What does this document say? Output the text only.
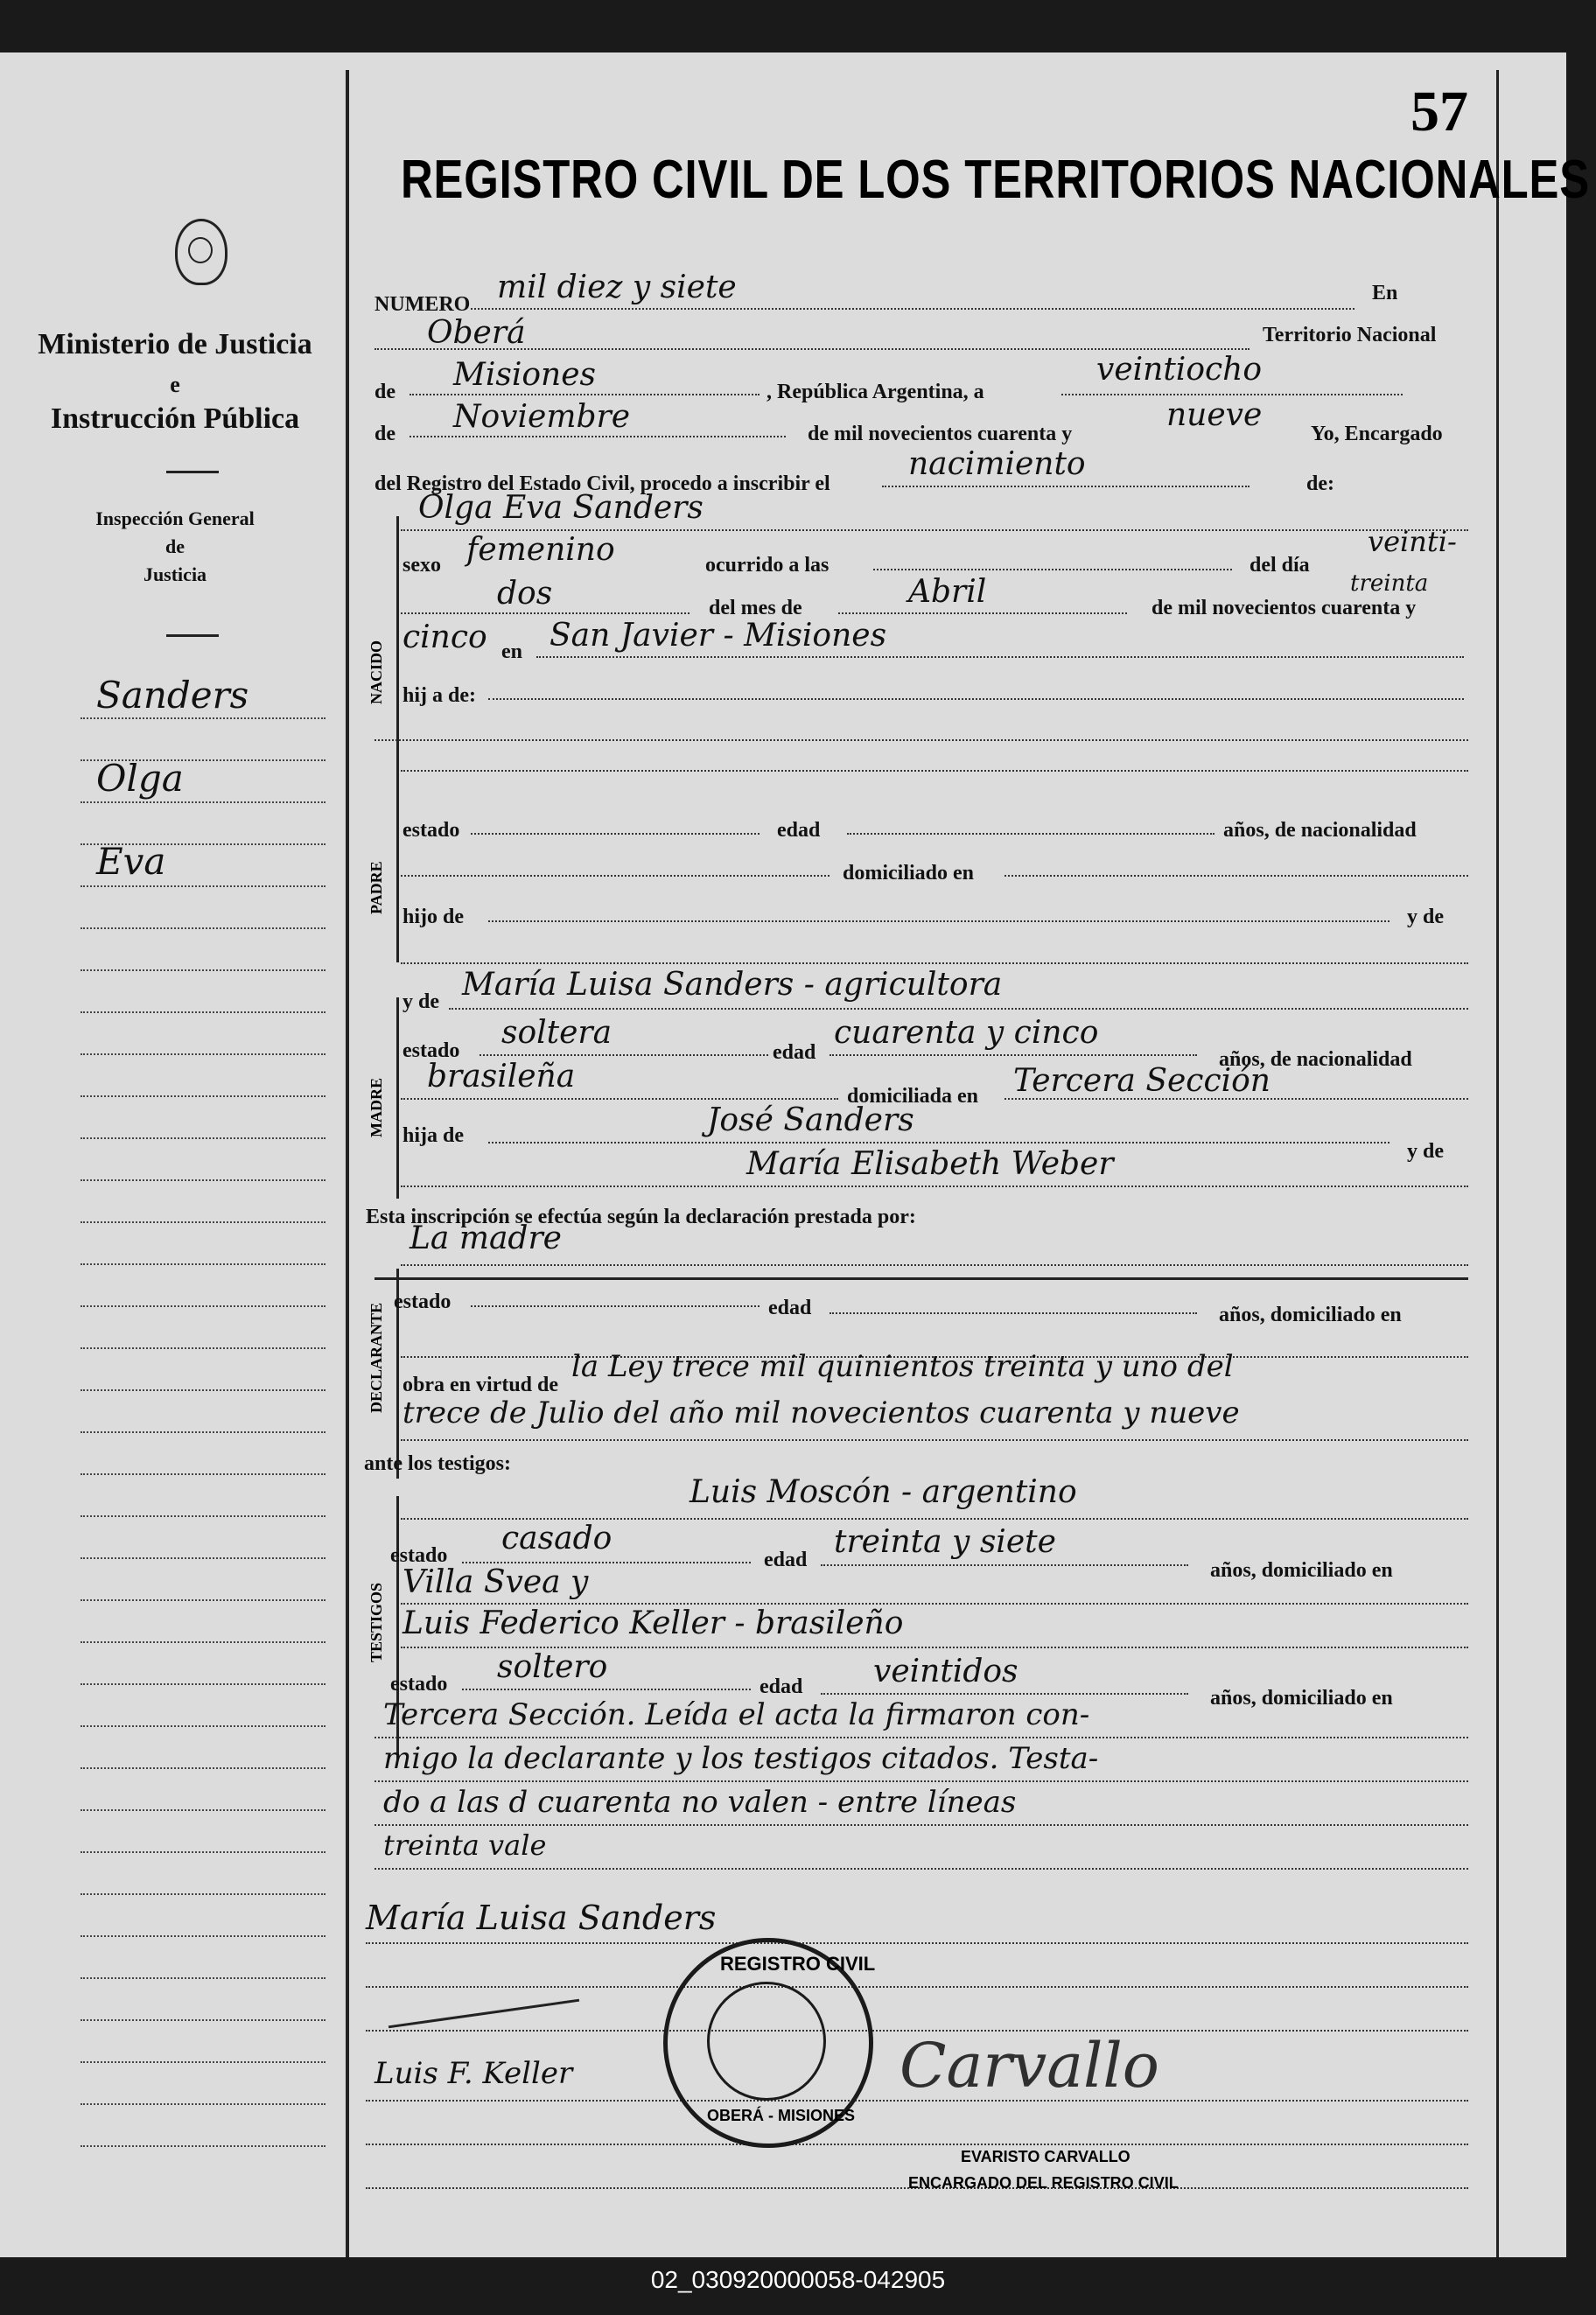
Ministerio de Justicia
e
Instrucción Pública
Inspección General
de
Justicia
Sanders
Olga
Eva
57
REGISTRO CIVIL DE LOS TERRITORIOS NACIONALES
NUMERO mil diez y siete	En
Oberá	Territorio Nacional
de Misiones	, República Argentina, a
veintiocho
de Noviembre	de mil novecientos cuarenta y
nueve
Yo, Encargado
del Registro del Estado Civil, procedo a inscribir el
nacimiento
de:
NACIDO
Olga Eva Sanders
sexo femenino	ocurrido a las	del día
veinti-
treinta
dos	del mes de	Abril	de mil novecientos cuarenta y
cinco en San Javier - Misiones
hij a de:
PADRE
estado	edad	años, de nacionalidad
domiciliado en
hijo de	y de
MADRE
y de María Luisa Sanders - agricultora
estado soltera
edad
cuarenta y cinco
años, de nacionalidad
brasileña
domiciliada en Tercera Sección
hija de	José Sanders
y de
María Elisabeth Weber
Esta inscripción se efectúa según la declaración prestada por:
DECLARANTE
La madre
estado	edad	años, domiciliado en
obra en virtud de
la Ley trece mil quinientos treinta y uno del
trece de Julio del año mil novecientos cuarenta y nueve
ante los testigos:
TESTIGOS
Luis Moscón - argentino
estado casado
edad treinta y siete
años, domiciliado en
Villa Svea y
Luis Federico Keller - brasileño
estado soltero
edad veintidos
años, domiciliado en
Tercera Sección. Leída el acta la firmaron con-
migo la declarante y los testigos citados. Testa-
do a las d cuarenta no valen - entre líneas
treinta vale
María Luisa Sanders
Luis F. Keller	Carvallo
EVARISTO CARVALLO
ENCARGADO DEL REGISTRO CIVIL
REGISTRO CIVIL
OBERÁ - MISIONES
02_030920000058-042905
